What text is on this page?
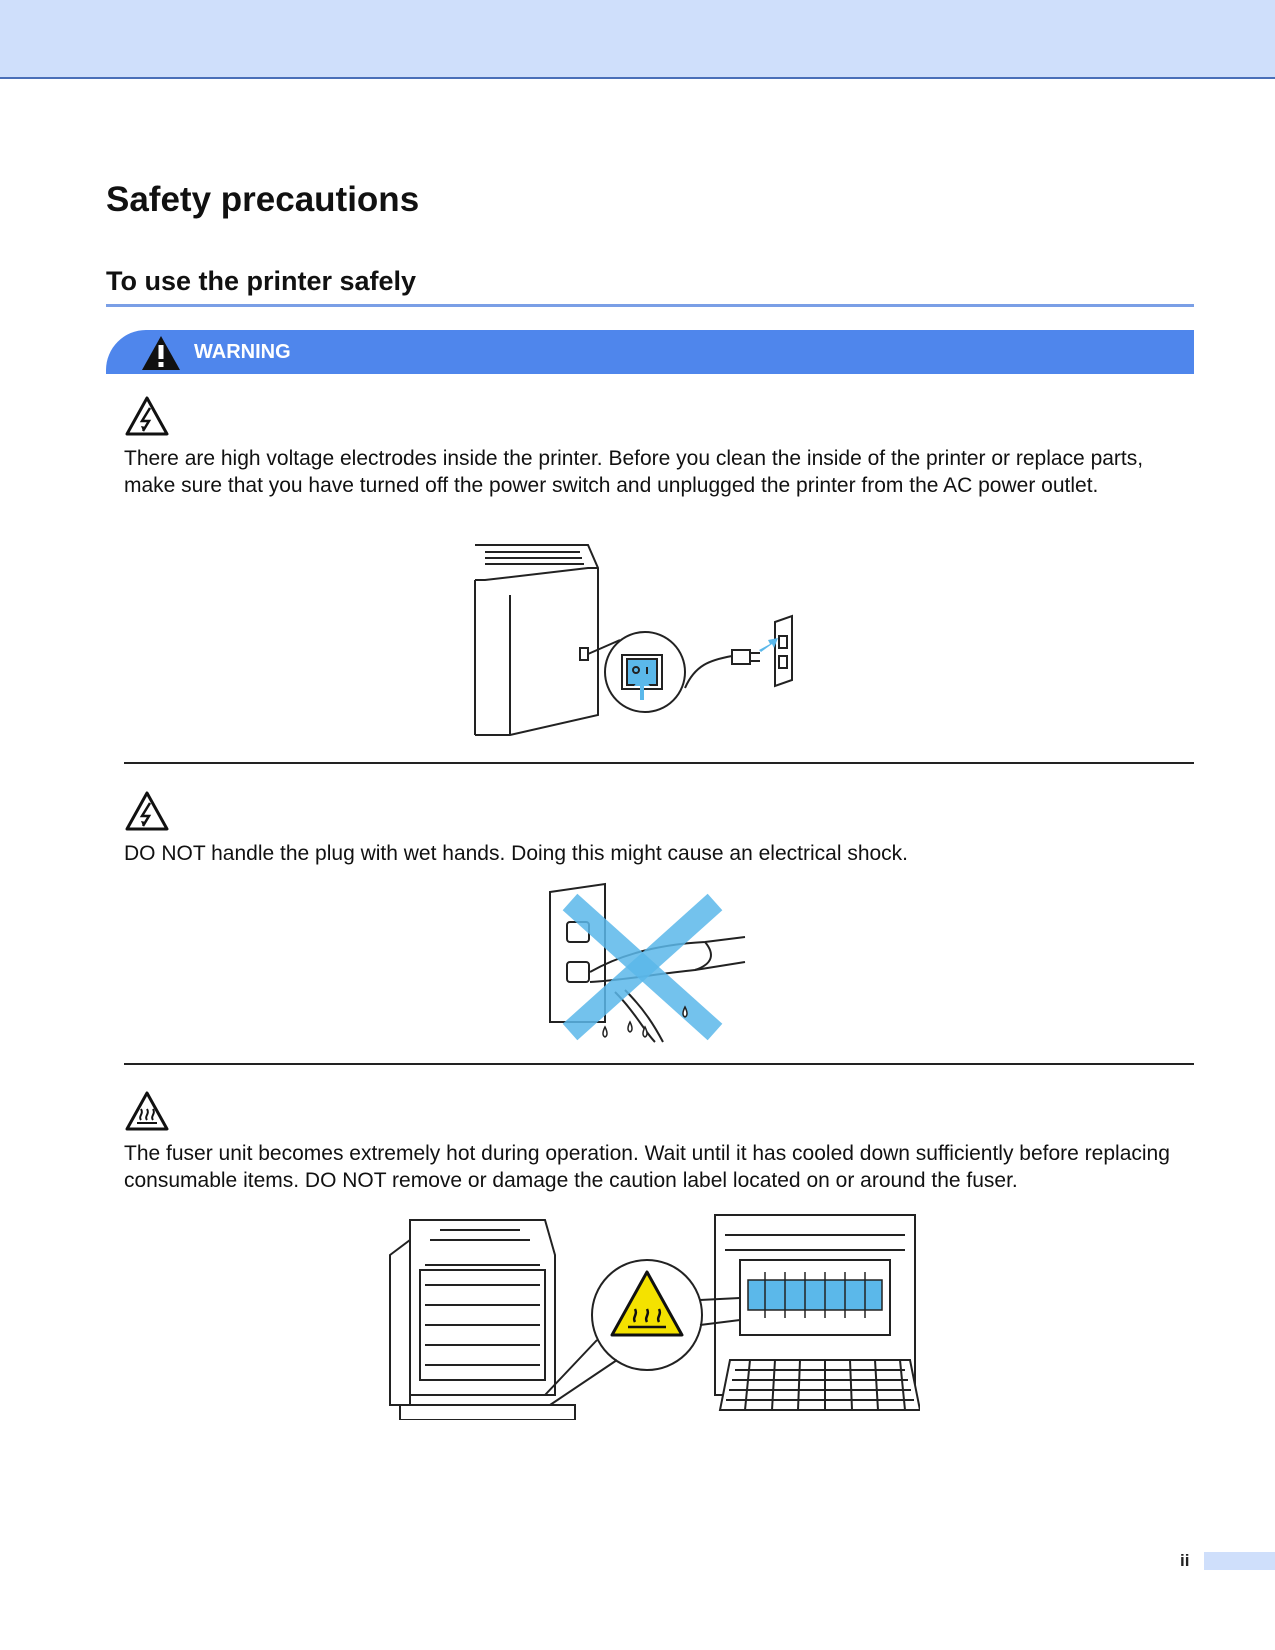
Safety precautions
To use the printer safely
WARNING

There are high voltage electrodes inside the printer. Before you clean the inside of the printer or replace parts, make sure that you have turned off the power switch and unplugged the printer from the AC power outlet.

DO NOT handle the plug with wet hands. Doing this might cause an electrical shock.

The fuser unit becomes extremely hot during operation. Wait until it has cooled down sufficiently before replacing consumable items. DO NOT remove or damage the caution label located on or around the fuser.

ii
